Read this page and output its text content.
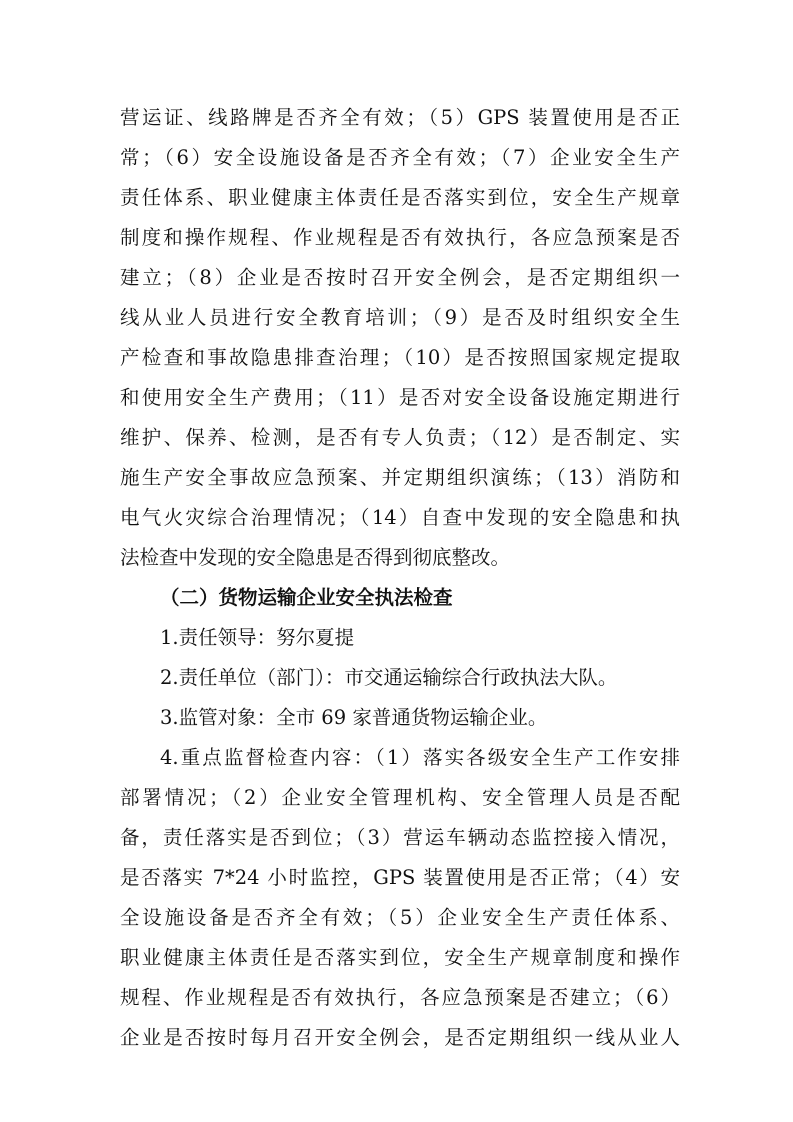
营运证、线路牌是否齐全有效；（5）GPS 装置使用是否正
常；（6）安全设施设备是否齐全有效；（7）企业安全生产
责任体系、职业健康主体责任是否落实到位，安全生产规章
制度和操作规程、作业规程是否有效执行，各应急预案是否
建立；（8）企业是否按时召开安全例会，是否定期组织一
线从业人员进行安全教育培训；（9）是否及时组织安全生
产检查和事故隐患排查治理；（10）是否按照国家规定提取
和使用安全生产费用；（11）是否对安全设备设施定期进行
维护、保养、检测，是否有专人负责；（12）是否制定、实
施生产安全事故应急预案、并定期组织演练；（13）消防和
电气火灾综合治理情况；（14）自查中发现的安全隐患和执
法检查中发现的安全隐患是否得到彻底整改。
（二）货物运输企业安全执法检查
1.责任领导：努尔夏提
2.责任单位（部门）：市交通运输综合行政执法大队。
3.监管对象：全市 69 家普通货物运输企业。
4.重点监督检查内容：（1）落实各级安全生产工作安排
部署情况；（2）企业安全管理机构、安全管理人员是否配
备，责任落实是否到位；（3）营运车辆动态监控接入情况，
是否落实 7*24 小时监控，GPS 装置使用是否正常；（4）安
全设施设备是否齐全有效；（5）企业安全生产责任体系、
职业健康主体责任是否落实到位，安全生产规章制度和操作
规程、作业规程是否有效执行，各应急预案是否建立；（6）
企业是否按时每月召开安全例会，是否定期组织一线从业人
